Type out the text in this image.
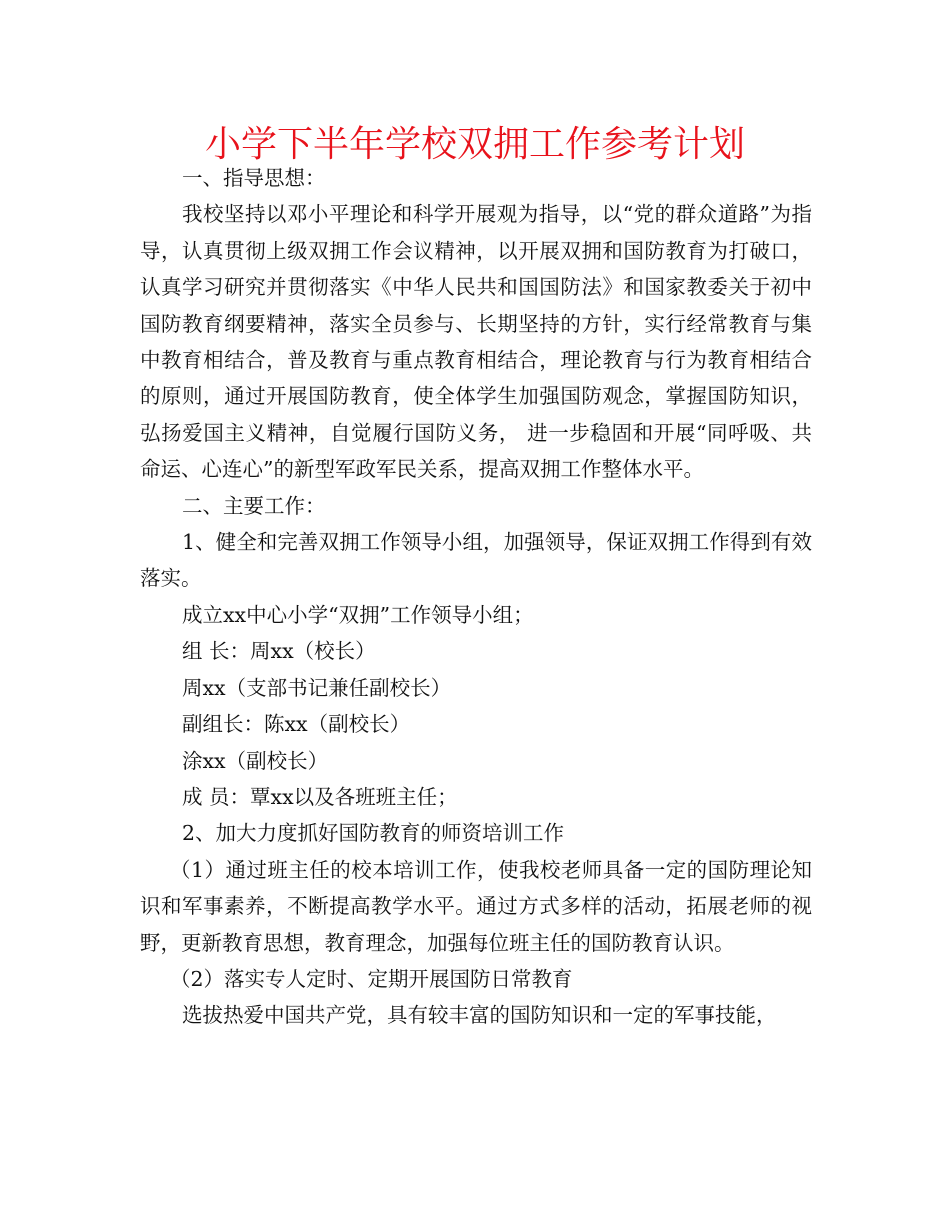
小学下半年学校双拥工作参考计划

一、指导思想：

我校坚持以邓小平理论和科学开展观为指导，以“党的群众道路”为指导，认真贯彻上级双拥工作会议精神，以开展双拥和国防教育为打破口，认真学习研究并贯彻落实《中华人民共和国国防法》和国家教委关于初中国防教育纲要精神，落实全员参与、长期坚持的方针，实行经常教育与集中教育相结合，普及教育与重点教育相结合，理论教育与行为教育相结合的原则，通过开展国防教育，使全体学生加强国防观念，掌握国防知识，弘扬爱国主义精神，自觉履行国防义务， 进一步稳固和开展“同呼吸、共命运、心连心”的新型军政军民关系，提高双拥工作整体水平。

二、主要工作：

1、健全和完善双拥工作领导小组，加强领导，保证双拥工作得到有效落实。

成立xx中心小学“双拥”工作领导小组；

组 长：周xx（校长）

周xx（支部书记兼任副校长）

副组长：陈xx（副校长）

涂xx（副校长）

成 员：覃xx以及各班班主任；

2、加大力度抓好国防教育的师资培训工作

（1）通过班主任的校本培训工作，使我校老师具备一定的国防理论知识和军事素养，不断提高教学水平。通过方式多样的活动，拓展老师的视野，更新教育思想，教育理念，加强每位班主任的国防教育认识。

（2）落实专人定时、定期开展国防日常教育

选拔热爱中国共产党，具有较丰富的国防知识和一定的军事技能，
